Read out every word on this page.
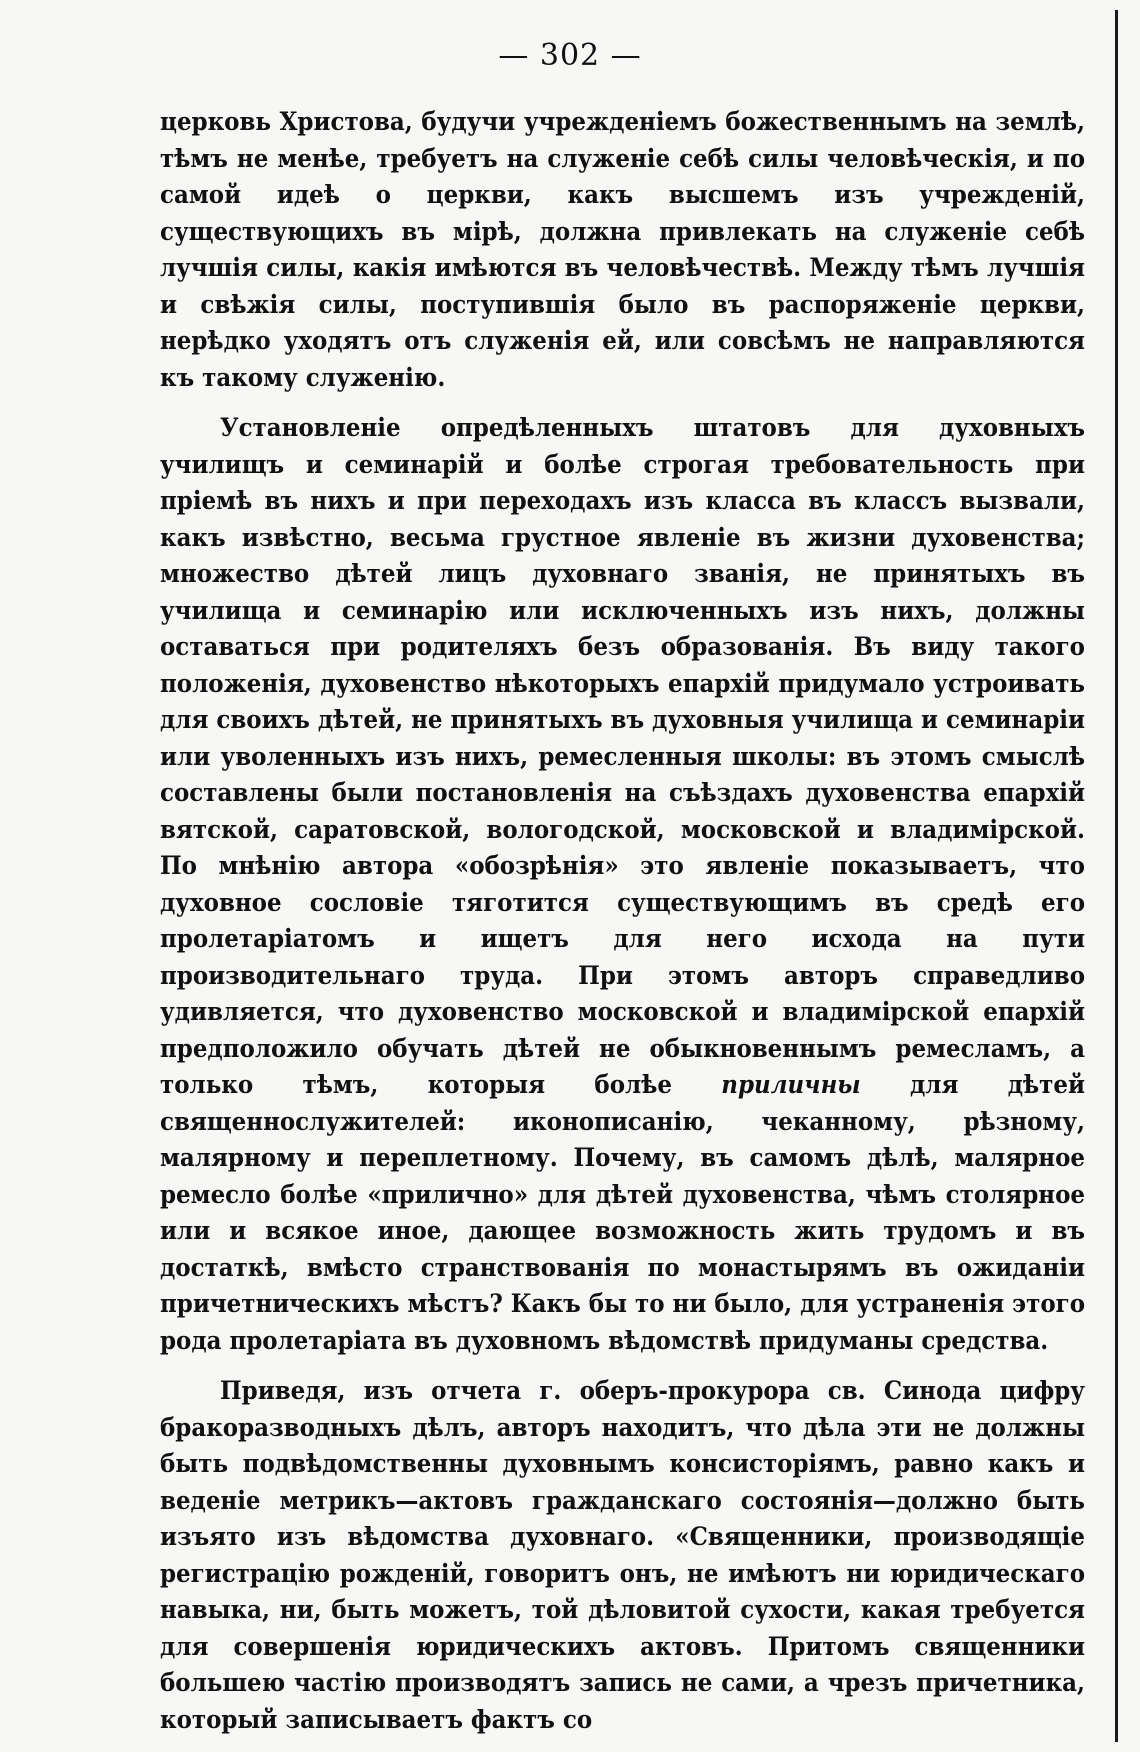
— 302 —

церковь Христова, будучи учрежденіемъ божественнымъ на землѣ, тѣмъ не менѣе, требуетъ на служеніе себѣ силы человѣческія, и по самой идеѣ о церкви, какъ высшемъ изъ учрежденій, существующихъ въ мірѣ, должна привлекать на служеніе себѣ лучшія силы, какія имѣются въ человѣчествѣ. Между тѣмъ лучшія и свѣжія силы, поступившія было въ распоряженіе церкви, нерѣдко уходятъ отъ служенія ей, или совсѣмъ не направляются къ такому служенію.

Установленіе опредѣленныхъ штатовъ для духовныхъ училищъ и семинарій и болѣе строгая требовательность при пріемѣ въ нихъ и при переходахъ изъ класса въ классъ вызвали, какъ извѣстно, весьма грустное явленіе въ жизни духовенства; множество дѣтей лицъ духовнаго званія, не принятыхъ въ училища и семинарію или исключенныхъ изъ нихъ, должны оставаться при родителяхъ безъ образованія. Въ виду такого положенія, духовенство нѣкоторыхъ епархій придумало устроивать для своихъ дѣтей, не принятыхъ въ духовныя училища и семинаріи или уволенныхъ изъ нихъ, ремесленныя школы: въ этомъ смыслѣ составлены были постановленія на съѣздахъ духовенства епархій вятской, саратовской, вологодской, московской и владимірской. По мнѣнію автора «обозрѣнія» это явленіе показываетъ, что духовное сословіе тяготится существующимъ въ средѣ его пролетаріатомъ и ищетъ для него исхода на пути производительнаго труда. При этомъ авторъ справедливо удивляется, что духовенство московской и владимірской епархій предположило обучать дѣтей не обыкновеннымъ ремесламъ, а только тѣмъ, которыя болѣе приличны для дѣтей священнослужителей: иконописанію, чеканному, рѣзному, малярному и переплетному. Почему, въ самомъ дѣлѣ, малярное ремесло болѣе «прилично» для дѣтей духовенства, чѣмъ столярное или и всякое иное, дающее возможность жить трудомъ и въ достаткѣ, вмѣсто странствованія по монастырямъ въ ожиданіи причетническихъ мѣстъ? Какъ бы то ни было, для устраненія этого рода пролетаріата въ духовномъ вѣдомствѣ придуманы средства.

Приведя, изъ отчета г. оберъ-прокурора св. Синода цифру бракоразводныхъ дѣлъ, авторъ находитъ, что дѣла эти не должны быть подвѣдомственны духовнымъ консисторіямъ, равно какъ и веденіе метрикъ—актовъ гражданскаго состоянія—должно быть изъято изъ вѣдомства духовнаго. «Священники, производящіе регистрацію рожденій, говоритъ онъ, не имѣютъ ни юридическаго навыка, ни, быть можетъ, той дѣловитой сухости, какая требуется для совершенія юридическихъ актовъ. Притомъ священники большею частію производятъ запись не сами, а чрезъ причетника, который записываетъ фактъ со
